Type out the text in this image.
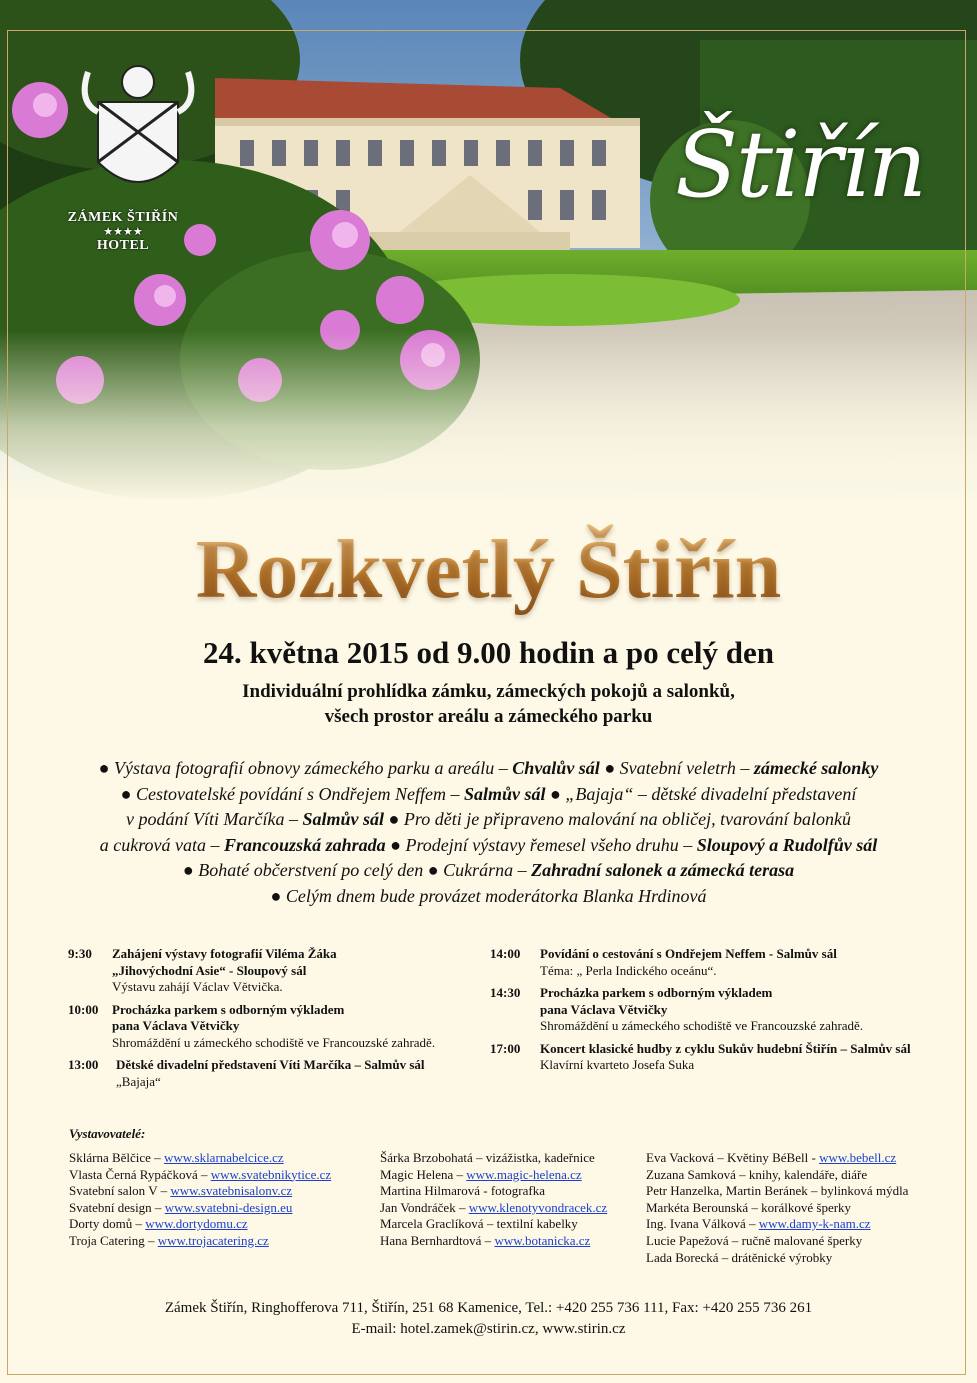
ZÁMEK ŠTIŘÍN
★★★★
HOTEL
Štiřín
Rozkvetlý Štiřín
24. května 2015 od 9.00 hodin a po celý den
Individuální prohlídka zámku, zámeckých pokojů a salonků,
všech prostor areálu a zámeckého parku
● Výstava fotografií obnovy zámeckého parku a areálu – Chvalův sál ● Svatební veletrh – zámecké salonky
● Cestovatelské povídání s Ondřejem Neffem – Salmův sál ● „Bajaja“ – dětské divadelní představení
v podání Víti Marčíka – Salmův sál ● Pro děti je připraveno malování na obličej, tvarování balonků
a cukrová vata – Francouzská zahrada ● Prodejní výstavy řemesel všeho druhu – Sloupový a Rudolfův sál
● Bohaté občerstvení po celý den ● Cukrárna – Zahradní salonek a zámecká terasa
● Celým dnem bude provázet moderátorka Blanka Hrdinová
9:30	Zahájení výstavy fotografií Viléma Žáka
„Jihovýchodní Asie“ - Sloupový sál
Výstavu zahájí Václav Větvička.
10:00	Procházka parkem s odborným výkladem
pana Václava Větvičky
Shromáždění u zámeckého schodiště ve Francouzské zahradě.
13:00	Dětské divadelní představení Víti Marčíka – Salmův sál
„Bajaja“
14:00	Povídání o cestování s Ondřejem Neffem - Salmův sál
Téma: „ Perla Indického oceánu“.
14:30	Procházka parkem s odborným výkladem
pana Václava Větvičky
Shromáždění u zámeckého schodiště ve Francouzské zahradě.
17:00	Koncert klasické hudby z cyklu Sukův hudební Štiřín – Salmův sál
Klavírní kvarteto Josefa Suka
Vystavovatelé:
Sklárna Bělčice – www.sklarnabelcice.cz
Vlasta Černá Rypáčková – www.svatebnikytice.cz
Svatební salon V – www.svatebnisalonv.cz
Svatební design – www.svatebni-design.eu
Dorty domů – www.dortydomu.cz
Troja Catering – www.trojacatering.cz
Šárka Brzobohatá – vizážistka, kadeřnice
Magic Helena – www.magic-helena.cz
Martina Hilmarová - fotografka
Jan Vondráček – www.klenotyvondracek.cz
Marcela Graclíková – textilní kabelky
Hana Bernhardtová – www.botanicka.cz
Eva Vacková – Květiny BéBell - www.bebell.cz
Zuzana Samková – knihy, kalendáře, diáře
Petr Hanzelka, Martin Beránek – bylinková mýdla
Markéta Berounská – korálkové šperky
Ing. Ivana Válková – www.damy-k-nam.cz
Lucie Papežová – ručně malované šperky
Lada Borecká – drátěnické výrobky
Zámek Štiřín, Ringhofferova 711, Štiřín, 251 68 Kamenice, Tel.: +420 255 736 111, Fax: +420 255 736 261
E-mail: hotel.zamek@stirin.cz, www.stirin.cz
